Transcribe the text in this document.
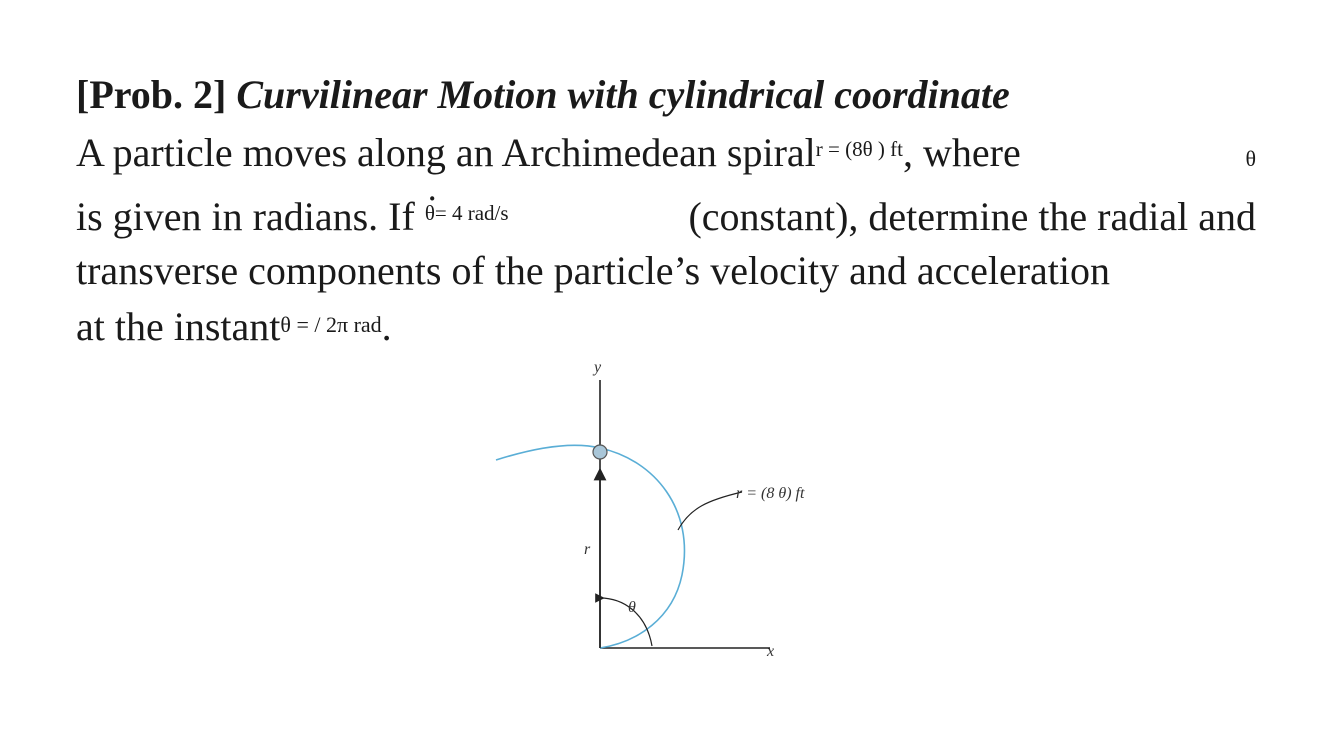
[Prob. 2] Curvilinear Motion with cylindrical coordinate
A particle moves along an Archimedean spiral$^{r = (8\theta ) ft}$, where	θ
is given in radians. If · $^{\theta= 4 rad/s}$	(constant), determine the radial and
transverse components of the particle’s velocity and acceleration
at the instant$^{\theta = / 2\pi rad}$.
y
x
r
θ
r = (8 θ) ft
